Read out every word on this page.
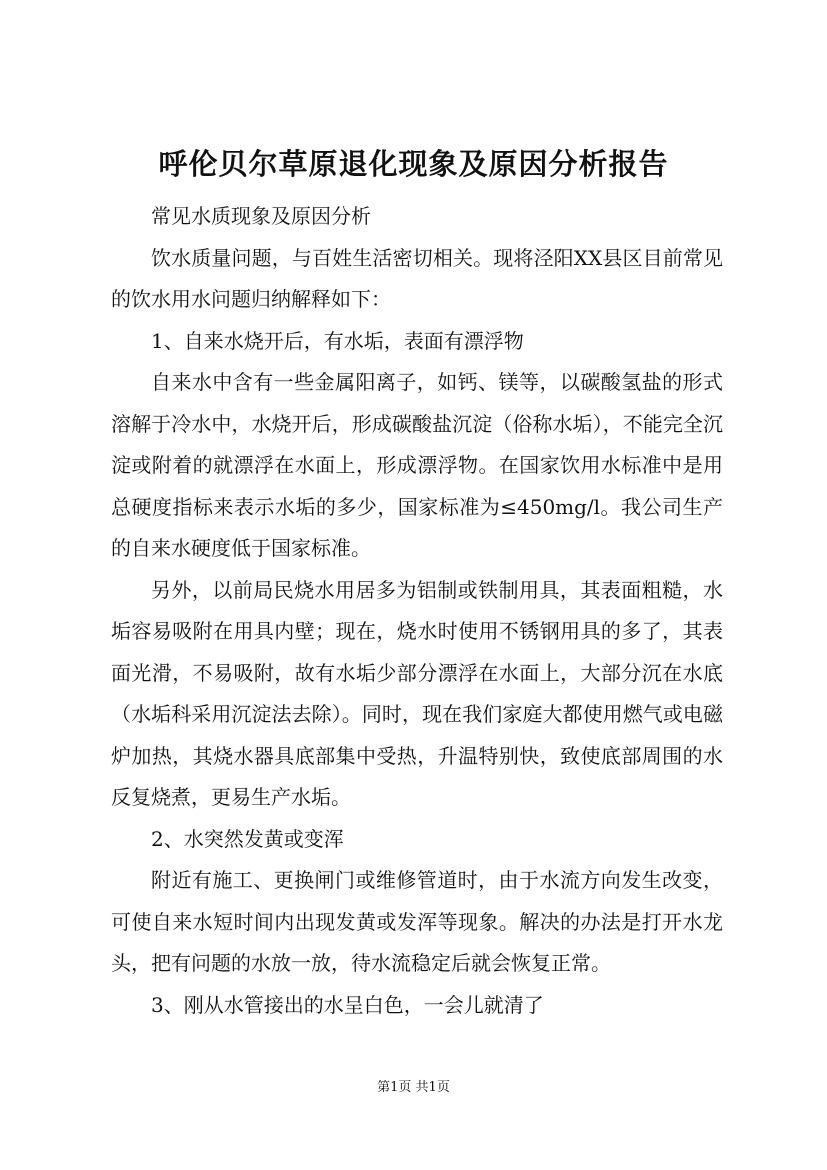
呼伦贝尔草原退化现象及原因分析报告

常见水质现象及原因分析

饮水质量问题，与百姓生活密切相关。现将泾阳XX县区目前常见的饮水用水问题归纳解释如下：

1、自来水烧开后，有水垢，表面有漂浮物

自来水中含有一些金属阳离子，如钙、镁等，以碳酸氢盐的形式溶解于冷水中，水烧开后，形成碳酸盐沉淀（俗称水垢），不能完全沉淀或附着的就漂浮在水面上，形成漂浮物。在国家饮用水标准中是用总硬度指标来表示水垢的多少，国家标准为≤450mg/l。我公司生产的自来水硬度低于国家标准。

另外，以前局民烧水用居多为铝制或铁制用具，其表面粗糙，水垢容易吸附在用具内壁；现在，烧水时使用不锈钢用具的多了，其表面光滑，不易吸附，故有水垢少部分漂浮在水面上，大部分沉在水底（水垢科采用沉淀法去除）。同时，现在我们家庭大都使用燃气或电磁炉加热，其烧水器具底部集中受热，升温特别快，致使底部周围的水反复烧煮，更易生产水垢。

2、水突然发黄或变浑

附近有施工、更换闸门或维修管道时，由于水流方向发生改变，可使自来水短时间内出现发黄或发浑等现象。解决的办法是打开水龙头，把有问题的水放一放，待水流稳定后就会恢复正常。

3、刚从水管接出的水呈白色，一会儿就清了

第1页 共1页
